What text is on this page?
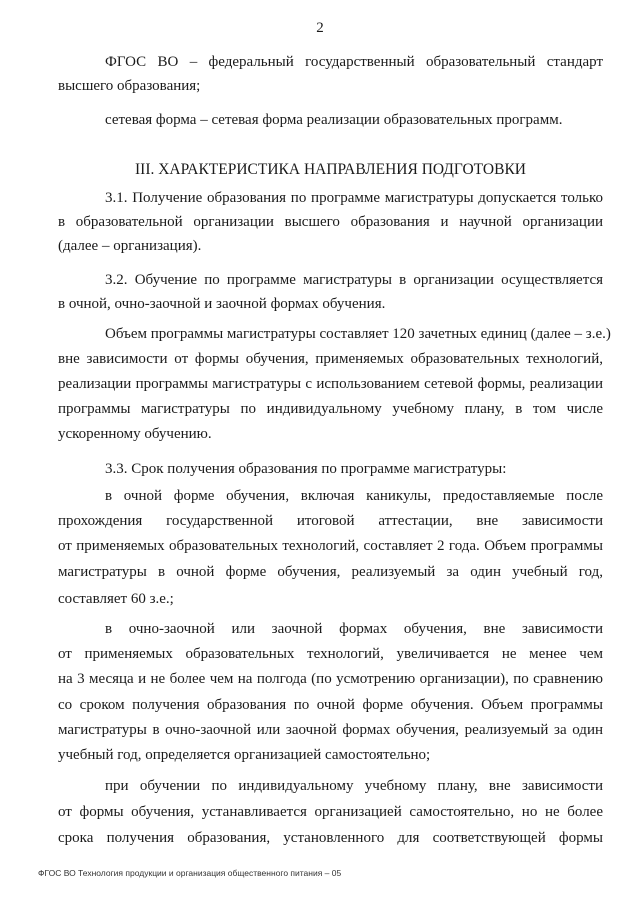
2
ФГОС ВО – федеральный государственный образовательный стандарт
высшего образования;
сетевая форма – сетевая форма реализации образовательных программ.
III. ХАРАКТЕРИСТИКА НАПРАВЛЕНИЯ ПОДГОТОВКИ
3.1. Получение образования по программе магистратуры допускается только
в образовательной организации высшего образования и научной организации
(далее – организация).
3.2. Обучение по программе магистратуры в организации осуществляется
в очной, очно-заочной и заочной формах обучения.
Объем программы магистратуры составляет 120 зачетных единиц (далее – з.е.)
вне зависимости от формы обучения, применяемых образовательных технологий,
реализации программы магистратуры с использованием сетевой формы, реализации
программы магистратуры по индивидуальному учебному плану, в том числе
ускоренному обучению.
3.3. Срок получения образования по программе магистратуры:
в очной форме обучения, включая каникулы, предоставляемые после
прохождения государственной итоговой аттестации, вне зависимости
от применяемых образовательных технологий, составляет 2 года. Объем программы
магистратуры в очной форме обучения, реализуемый за один учебный год,
составляет 60 з.е.;
в очно-заочной или заочной формах обучения, вне зависимости
от применяемых образовательных технологий, увеличивается не менее чем
на 3 месяца и не более чем на полгода (по усмотрению организации), по сравнению
со сроком получения образования по очной форме обучения. Объем программы
магистратуры в очно-заочной или заочной формах обучения, реализуемый за один
учебный год, определяется организацией самостоятельно;
при обучении по индивидуальному учебному плану, вне зависимости
от формы обучения, устанавливается организацией самостоятельно, но не более
срока получения образования, установленного для соответствующей формы
ФГОС ВО Технология продукции и организация общественного питания – 05
